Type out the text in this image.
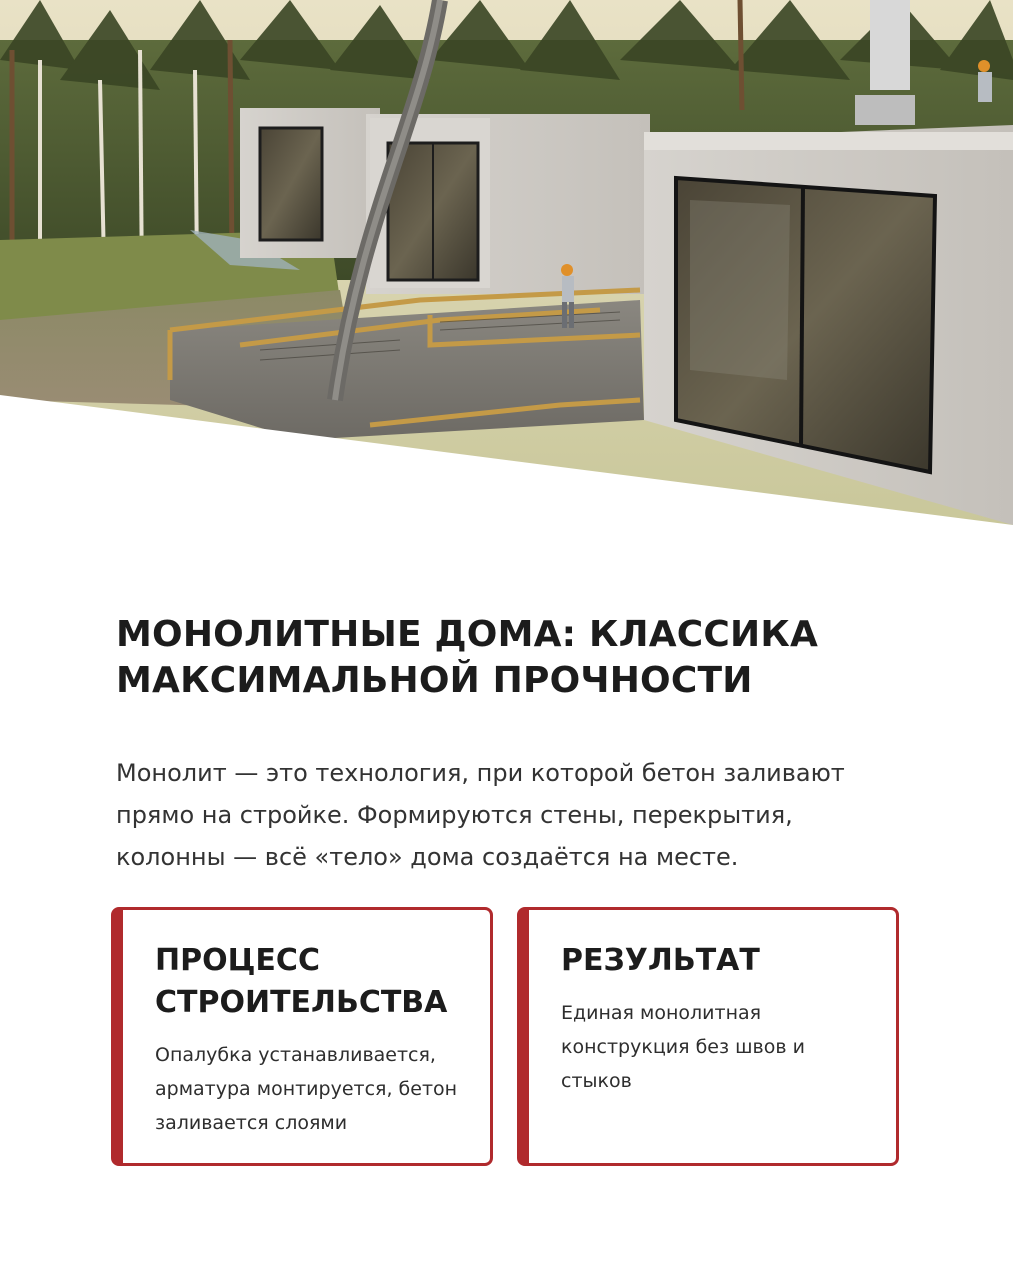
МОНОЛИТНЫЕ ДОМА: КЛАССИКА МАКСИМАЛЬНОЙ ПРОЧНОСТИ

Монолит — это технология, при которой бетон заливают прямо на стройке. Формируются стены, перекрытия, колонны — всё «тело» дома создаётся на месте.

ПРОЦЕСС СТРОИТЕЛЬСТВА

Опалубка устанавливается, арматура монтируется, бетон заливается слоями

РЕЗУЛЬТАТ

Единая монолитная конструкция без швов и стыков
